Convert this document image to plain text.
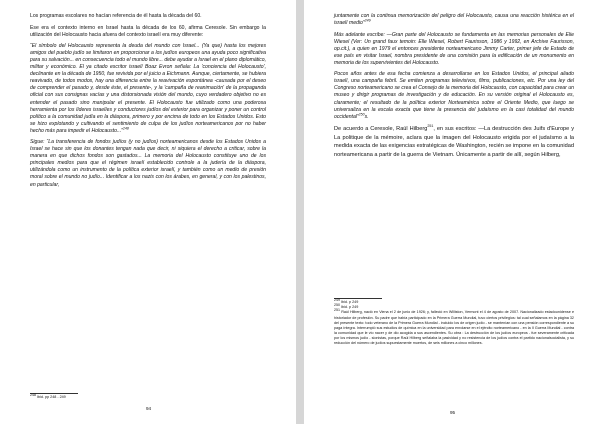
Los programas escolares no hacían referencia de él hasta la década del 60.

Ese era el contexto interno en Israel hasta la década de los 60, afirma Ceresole. Sin embargo la utilización del Holocausto hacia afuera del contexto israelí era muy diferente:

“El símbolo del Holocausto representa la deuda del mundo con Israel... (Ya que) hasta los mejores amigos del pueblo judío se limitaron en proporcionar a los judíos europeos una ayuda poco significativa para su salvación... en consecuencia todo el mundo libre... debe ayudar a Israel en el plano diplomático, militar y económico. El ya citado escritor israelí Boaz Evron señala: La 'conciencia del Holocausto', declinante en la década de 1950, fue revivida por el juicio a Eichmann. Aunque, ciertamente, se hubiera reavivado, de todos modos, hay una diferencia entre la reavivación espontánea -causada por el deseo de comprender el pasado y, desde éste, el presente-, y la 'campaña de reanimación' de la propaganda oficial con sus consignas vacías y una distorsionada visión del mundo, cuyo verdadero objetivo no es entender el pasado sino manipular el presente. El Holocausto fue utilizado como una poderosa herramienta por los líderes israelíes y conductores judíos del exterior para organizar y poner un control político a la comunidad judía en la diáspora, primero y por encima de todo en los Estados Unidos. Esto se hizo explotando y cultivando el sentimiento de culpa de los judíos norteamericanos por no haber hecho más para impedir el Holocausto...”$^{248}$

Sigue: “La transferencia de fondos judíos (y no judíos) norteamericanos desde los Estados Unidos a Israel se hace sin que los donantes tengan nada que decir, ni siquiera el derecho a criticar, sobre la manera en que dichos fondos son gastados... La memoria del Holocausto constituye uno de los principales medios para que el régimen israelí establecido controle a la judería de la diáspora, utilizándola como un instrumento de la política exterior israelí, y también como un medio de presión moral sobre el mundo no judío... Identificar a los nazis con los árabes, en general, y con los palestinos, en particular,

$^{248}$ Ibid. pp 248 - 249
94

juntamente con la continua memorización del peligro del Holocausto, causa una reacción histérica en el israelí medio”$^{249}$

Más adelante escribe: —Gran parte del Holocausto se fundamenta en las memorias personales de Elie Wiesel (Ver: Un grand faux temoin: Elle Wiesel, Robert Faurisson, 1986 y 1992, en Archive Faurisson, op.cit.), a quien en 1979 el entonces presidente norteamericano Jimmy Carter, primer jefe de Estado de ese país en visitar Israel, nombra presidente de una comisión para la edificación de un monumento en memoria de los supervivientes del Holocausto.

Pocos años antes de esa fecha comienza a desarrollarse en los Estados Unidos, el principal aliado israelí, una campaña febril. Se emiten programas televisivos, films, publicaciones, etc. Por una ley del Congreso norteamericano se crea el Consejo de la memoria del Holocausto, con capacidad para crear un museo y dirigir programas de investigación y de educación. En su versión original el Holocausto es, claramente; el resultado de la política exterior Norteamérica sobre el Oriente Medio, que luego se universaliza en la escala exacta que tiene la presencia del judaísmo en la casi totalidad del mundo occidental”$^{250}$s.

De acuerdo a Ceresole, Raúl Hilberg$^{251}$, en sus escritos: —La destrucción des Juifs d'Europe y La politique de la mémoire, aclara que la imagen del Holocausto erigida por el judaísmo a la medida exacta de las exigencias estratégicas de Washington, recién se impone en la comunidad norteamericana a partir de la guerra de Vietnam. Únicamente a partir de allí, según Hilberg,

$^{249}$ Ibid. p 249
$^{250}$ Ibid. p 249
$^{251}$ Raúl Hilberg, nació en Viena el 2 de junio de 1926; y, falleció en Williston, Vermont el 4 de agosto de 2007. Nacionalizado estadounidense e historiador de profesión. Su padre que había participado en la Primera Guerra Mundial, tuvo ciertos privilegios: tal cual señalamos en la página 32 del presente texto: todo veterano de la Primera Guerra Mundial - incluido los de origen judío - se mantenían con una pensión correspondiente a su paga íntegra. Interrumpió sus estudios de química en la universidad para enrolarse en el ejército norteamericano - en la II Guerra Mundial - contra la comunidad que le vio nacer y de dio acogida a sus ascendientes. Su obra : La destrucción de los judíos europeos - fue severamente criticada por los mismos judío - sionistas, porque Raúl Hilberg señalaba la pasividad y no resistencia de los judíos contra el partido nacionalsocialista, y su reducción del número de judíos supuestamente muertos, de seis millones a cinco millones.
95
